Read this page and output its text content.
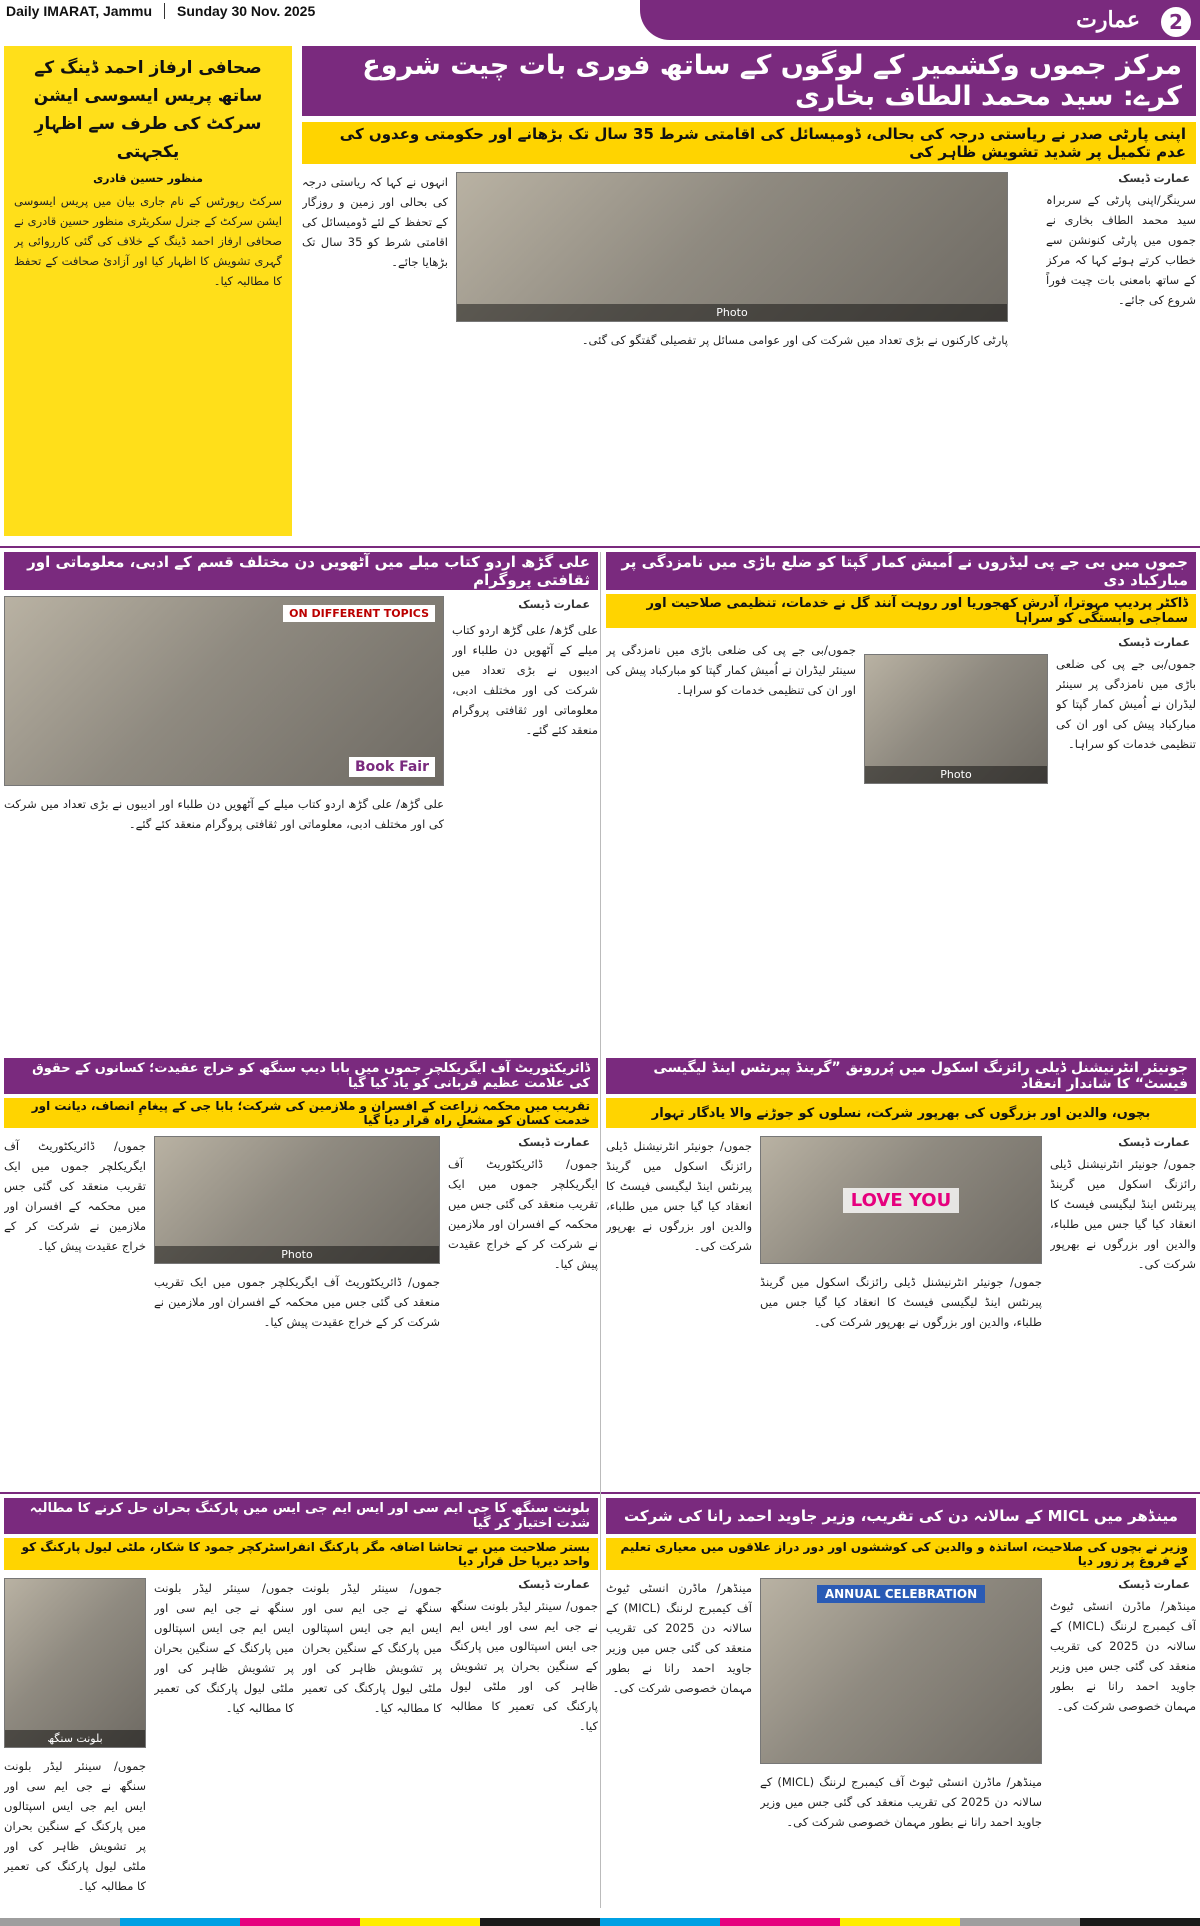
Daily IMARAT, Jammu Sunday 30 Nov. 2025	عمارت	2
صحافی ارفاز احمد ڈینگ کے ساتھ پریس ایسوسی ایشن سرکٹ کی طرف سے اظہارِ یکجہتی
منظور حسین قادری
سرکٹ رپورٹس کے نام جاری بیان میں پریس ایسوسی ایشن سرکٹ کے جنرل سکریٹری منظور حسین قادری نے صحافی ارفاز احمد ڈینگ کے خلاف کی گئی کارروائی پر گہری تشویش کا اظہار کیا اور آزادیٔ صحافت کے تحفظ کا مطالبہ کیا۔
مرکز جموں وکشمیر کے لوگوں کے ساتھ فوری بات چیت شروع کرے: سید محمد الطاف بخاری
اپنی پارٹی صدر نے ریاستی درجہ کی بحالی، ڈومیسائل کی اقامتی شرط 35 سال تک بڑھانے اور حکومتی وعدوں کی عدم تکمیل پر شدید تشویش ظاہر کی
عمارت ڈیسک
Photo
سرینگر/اپنی پارٹی کے سربراہ سید محمد الطاف بخاری نے جموں میں پارٹی کنونشن سے خطاب کرتے ہوئے کہا کہ مرکز کے ساتھ بامعنی بات چیت فوراً شروع کی جائے۔
انہوں نے کہا کہ ریاستی درجہ کی بحالی اور زمین و روزگار کے تحفظ کے لئے ڈومیسائل کی اقامتی شرط کو 35 سال تک بڑھایا جائے۔
پارٹی کارکنوں نے بڑی تعداد میں شرکت کی اور عوامی مسائل پر تفصیلی گفتگو کی گئی۔
علی گڑھ اردو کتاب میلے میں آٹھویں دن مختلف قسم کے ادبی، معلوماتی اور ثقافتی پروگرام
عمارت ڈیسک
ON DIFFERENT TOPICS
Book Fair
علی گڑھ/ علی گڑھ اردو کتاب میلے کے آٹھویں دن طلباء اور ادیبوں نے بڑی تعداد میں شرکت کی اور مختلف ادبی، معلوماتی اور ثقافتی پروگرام منعقد کئے گئے۔
علی گڑھ/ علی گڑھ اردو کتاب میلے کے آٹھویں دن طلباء اور ادیبوں نے بڑی تعداد میں شرکت کی اور مختلف ادبی، معلوماتی اور ثقافتی پروگرام منعقد کئے گئے۔
جموں میں بی جے پی لیڈروں نے اُمیش کمار گپتا کو ضلع باڑی میں نامزدگی پر مبارکباد دی
ڈاکٹر پردیپ مہوترا، آدرش کھجوریا اور روہت آنند گل نے خدمات، تنظیمی صلاحیت اور سماجی وابستگی کو سراہا
عمارت ڈیسک
Photo
جموں/بی جے پی کی ضلعی باڑی میں نامزدگی پر سینئر لیڈران نے اُمیش کمار گپتا کو مبارکباد پیش کی اور ان کی تنظیمی خدمات کو سراہا۔
جموں/بی جے پی کی ضلعی باڑی میں نامزدگی پر سینئر لیڈران نے اُمیش کمار گپتا کو مبارکباد پیش کی اور ان کی تنظیمی خدمات کو سراہا۔
جونیئر انٹرنیشنل ڈیلی رائزنگ اسکول میں پُررونق ”گرینڈ پیرنٹس اینڈ لیگیسی فیسٹ“ کا شاندار انعقاد
بچوں، والدین اور بزرگوں کی بھرپور شرکت، نسلوں کو جوڑنے والا یادگار تہوار
عمارت ڈیسک
LOVE YOU
جموں/ جونیئر انٹرنیشنل ڈیلی رائزنگ اسکول میں گرینڈ پیرنٹس اینڈ لیگیسی فیسٹ کا انعقاد کیا گیا جس میں طلباء، والدین اور بزرگوں نے بھرپور شرکت کی۔
جموں/ جونیئر انٹرنیشنل ڈیلی رائزنگ اسکول میں گرینڈ پیرنٹس اینڈ لیگیسی فیسٹ کا انعقاد کیا گیا جس میں طلباء، والدین اور بزرگوں نے بھرپور شرکت کی۔
جموں/ جونیئر انٹرنیشنل ڈیلی رائزنگ اسکول میں گرینڈ پیرنٹس اینڈ لیگیسی فیسٹ کا انعقاد کیا گیا جس میں طلباء، والدین اور بزرگوں نے بھرپور شرکت کی۔
ڈائریکٹوریٹ آف ایگریکلچر جموں میں بابا دیپ سنگھ کو خراج عقیدت؛ کسانوں کے حقوق کی علامت عظیم قربانی کو یاد کیا گیا
تقریب میں محکمہ زراعت کے افسران و ملازمین کی شرکت؛ بابا جی کے پیغامِ انصاف، دیانت اور خدمت کسان کو مشعلِ راہ قرار دیا گیا
عمارت ڈیسک
Photo
جموں/ ڈائریکٹوریٹ آف ایگریکلچر جموں میں ایک تقریب منعقد کی گئی جس میں محکمہ کے افسران اور ملازمین نے شرکت کر کے خراج عقیدت پیش کیا۔
جموں/ ڈائریکٹوریٹ آف ایگریکلچر جموں میں ایک تقریب منعقد کی گئی جس میں محکمہ کے افسران اور ملازمین نے شرکت کر کے خراج عقیدت پیش کیا۔
جموں/ ڈائریکٹوریٹ آف ایگریکلچر جموں میں ایک تقریب منعقد کی گئی جس میں محکمہ کے افسران اور ملازمین نے شرکت کر کے خراج عقیدت پیش کیا۔
بلونت سنگھ کا جی ایم سی اور ایس ایم جی ایس میں پارکنگ بحران حل کرنے کا مطالبہ شدت اختیار کر گیا
بستر صلاحیت میں بے تحاشا اضافہ مگر پارکنگ انفراسٹرکچر جمود کا شکار، ملٹی لیول پارکنگ کو واحد دیرپا حل قرار دیا
عمارت ڈیسک
بلونت سنگھ
جموں/ سینئر لیڈر بلونت سنگھ نے جی ایم سی اور ایس ایم جی ایس اسپتالوں میں پارکنگ کے سنگین بحران پر تشویش ظاہر کی اور ملٹی لیول پارکنگ کی تعمیر کا مطالبہ کیا۔
جموں/ سینئر لیڈر بلونت سنگھ نے جی ایم سی اور ایس ایم جی ایس اسپتالوں میں پارکنگ کے سنگین بحران پر تشویش ظاہر کی اور ملٹی لیول پارکنگ کی تعمیر کا مطالبہ کیا۔
جموں/ سینئر لیڈر بلونت سنگھ نے جی ایم سی اور ایس ایم جی ایس اسپتالوں میں پارکنگ کے سنگین بحران پر تشویش ظاہر کی اور ملٹی لیول پارکنگ کی تعمیر کا مطالبہ کیا۔
جموں/ سینئر لیڈر بلونت سنگھ نے جی ایم سی اور ایس ایم جی ایس اسپتالوں میں پارکنگ کے سنگین بحران پر تشویش ظاہر کی اور ملٹی لیول پارکنگ کی تعمیر کا مطالبہ کیا۔
مینڈھر میں MICL کے سالانہ دن کی تقریب، وزیر جاوید احمد رانا کی شرکت
وزیر نے بچوں کی صلاحیت، اساتذہ و والدین کی کوششوں اور دور دراز علاقوں میں معیاری تعلیم کے فروغ پر زور دیا
عمارت ڈیسک
ANNUAL CELEBRATION
مینڈھر/ ماڈرن انسٹی ٹیوٹ آف کیمبرج لرننگ (MICL) کے سالانہ دن 2025 کی تقریب منعقد کی گئی جس میں وزیر جاوید احمد رانا نے بطور مہمان خصوصی شرکت کی۔
مینڈھر/ ماڈرن انسٹی ٹیوٹ آف کیمبرج لرننگ (MICL) کے سالانہ دن 2025 کی تقریب منعقد کی گئی جس میں وزیر جاوید احمد رانا نے بطور مہمان خصوصی شرکت کی۔
مینڈھر/ ماڈرن انسٹی ٹیوٹ آف کیمبرج لرننگ (MICL) کے سالانہ دن 2025 کی تقریب منعقد کی گئی جس میں وزیر جاوید احمد رانا نے بطور مہمان خصوصی شرکت کی۔
